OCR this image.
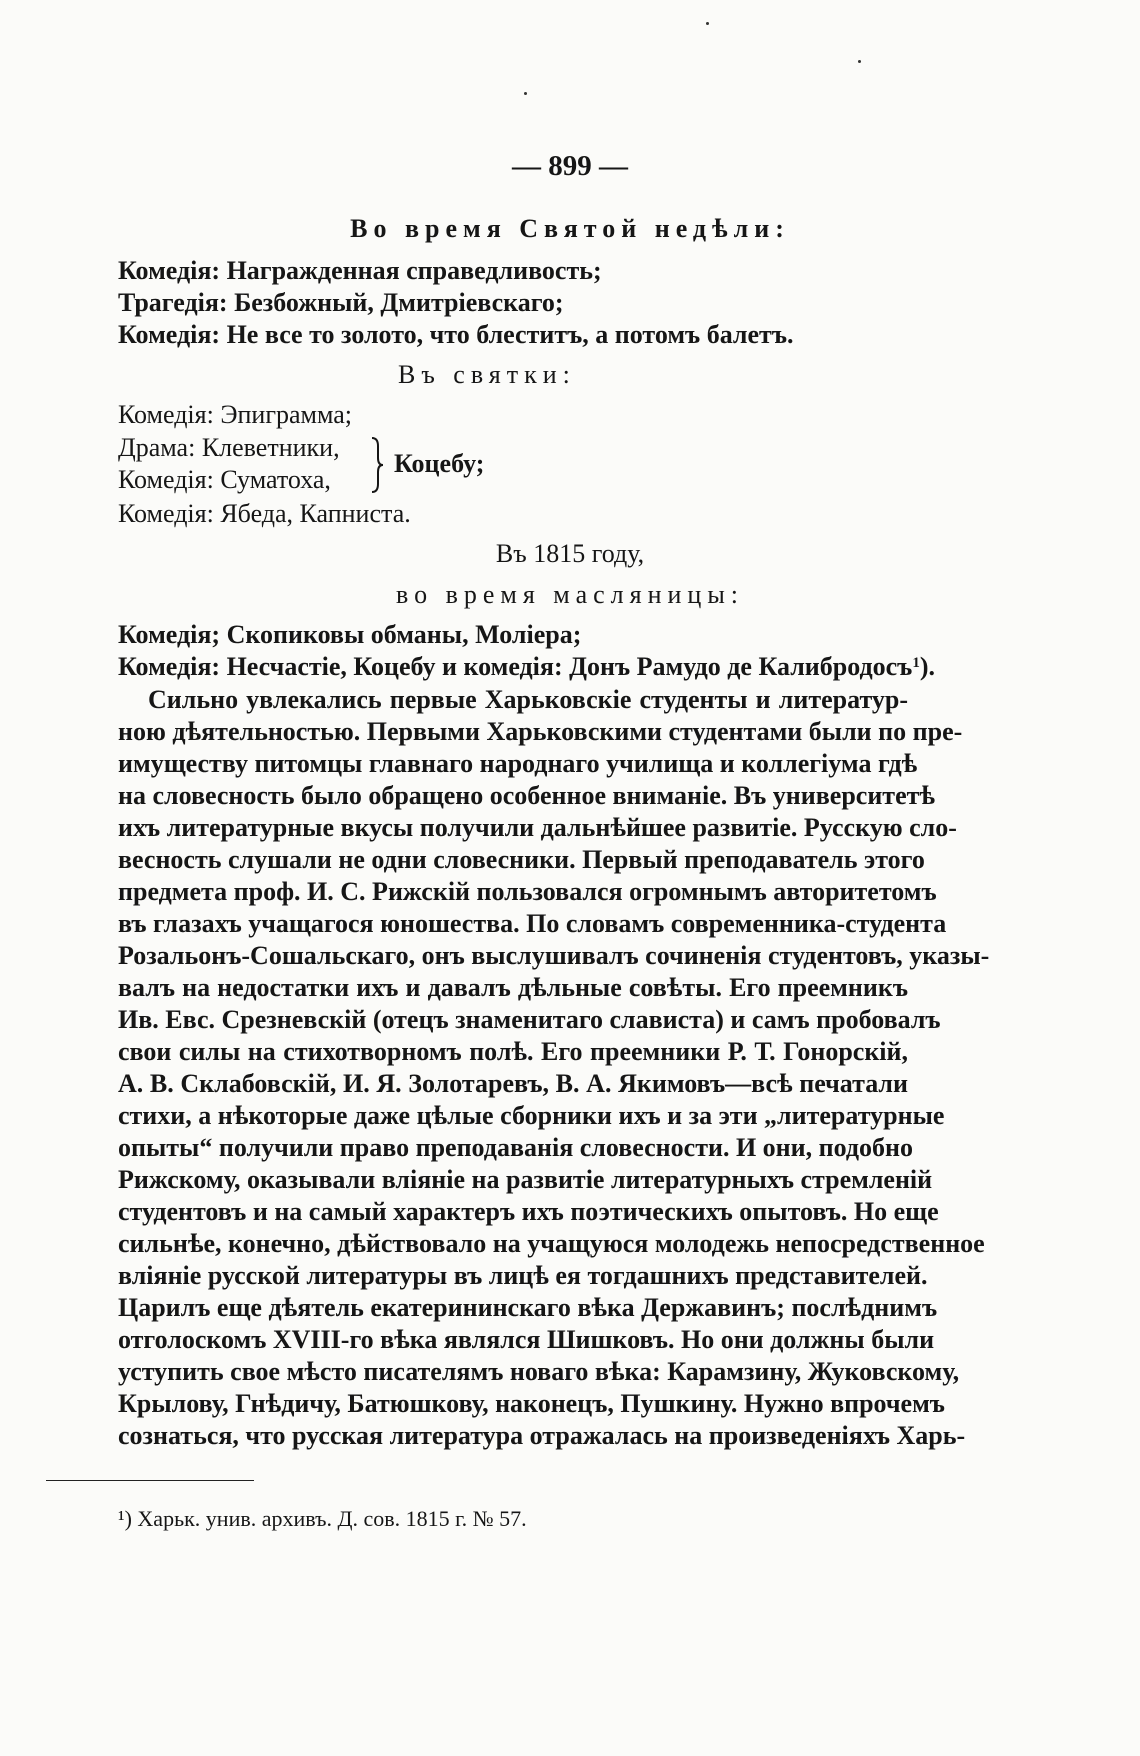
— 899 —
Во время Святой недѣли:
Комедія: Награжденная справедливость;
Трагедія: Безбожный, Дмитріевскаго;
Комедія: Не все то золото, что блеститъ, а потомъ балетъ.
Въ святки:
Комедія: Эпиграмма;
Драма: Клеветники,
Комедія: Суматоха,
Коцебу;
Комедія: Ябеда, Капниста.
Въ 1815 году,
во время масляницы:
Комедія; Скопиковы обманы, Моліера;
Комедія: Несчастіе, Коцебу и комедія: Донъ Рамудо де Калибродосъ$^1$).
Сильно увлекались первые Харьковскіе студенты и литератур-
ною дѣятельностью. Первыми Харьковскими студентами были по пре-
имуществу питомцы главнаго народнаго училища и коллегіума гдѣ
на словесность было обращено особенное вниманіе. Въ университетѣ
ихъ литературные вкусы получили дальнѣйшее развитіе. Русскую сло-
весность слушали не одни словесники. Первый преподаватель этого
предмета проф. И. С. Рижскій пользовался огромнымъ авторитетомъ
въ глазахъ учащагося юношества. По словамъ современника-студента
Розальонъ-Сошальскаго, онъ выслушивалъ сочиненія студентовъ, указы-
валъ на недостатки ихъ и давалъ дѣльные совѣты. Его преемникъ
Ив. Евс. Срезневскій (отецъ знаменитаго слависта) и самъ пробовалъ
свои силы на стихотворномъ полѣ. Его преемники Р. Т. Гонорскій,
А. В. Склабовскій, И. Я. Золотаревъ, В. А. Якимовъ—всѣ печатали
стихи, а нѣкоторые даже цѣлые сборники ихъ и за эти „литературные
опыты“ получили право преподаванія словесности. И они, подобно
Рижскому, оказывали вліяніе на развитіе литературныхъ стремленій
студентовъ и на самый характеръ ихъ поэтическихъ опытовъ. Но еще
сильнѣе, конечно, дѣйствовало на учащуюся молодежь непосредственное
вліяніе русской литературы въ лицѣ ея тогдашнихъ представителей.
Царилъ еще дѣятель екатерининскаго вѣка Державинъ; послѣднимъ
отголоскомъ XVIII-го вѣка являлся Шишковъ. Но они должны были
уступить свое мѣсто писателямъ новаго вѣка: Карамзину, Жуковскому,
Крылову, Гнѣдичу, Батюшкову, наконецъ, Пушкину. Нужно впрочемъ
сознаться, что русская литература отражалась на произведеніяхъ Харь-
¹) Харьк. унив. архивъ. Д. сов. 1815 г. № 57.
